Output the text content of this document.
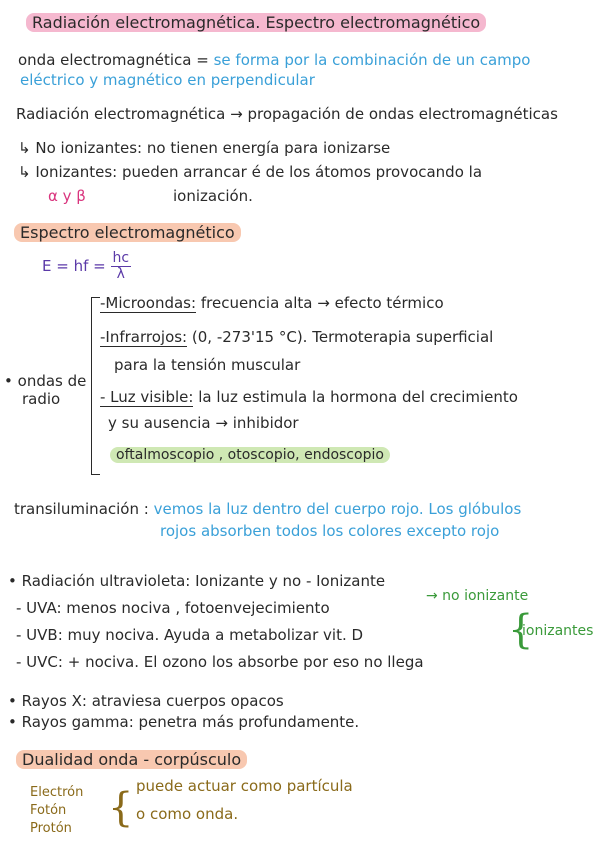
Radiación electromagnética. Espectro electromagnético
onda electromagnética = se forma por la combinación de un campo
eléctrico y magnético en perpendicular
Radiación electromagnética → propagación de ondas electromagnéticas
↳ No ionizantes: no tienen energía para ionizarse
↳ Ionizantes: pueden arrancar é de los átomos provocando la
α y β	ionización.
Espectro electromagnético
E = hf = $\frac{hc}{\lambda}$
• ondas de
radio
-Microondas: frecuencia alta → efecto térmico
-Infrarrojos: (0, -273'15 °C). Termoterapia superficial
para la tensión muscular
- Luz visible: la luz estimula la hormona del crecimiento
y su ausencia → inhibidor
oftalmoscopio , otoscopio, endoscopio
transiluminación : vemos la luz dentro del cuerpo rojo. Los glóbulos
rojos absorben todos los colores excepto rojo
• Radiación ultravioleta: Ionizante y no - Ionizante
- UVA: menos nociva , fotoenvejecimiento
→ no ionizante
- UVB: muy nociva. Ayuda a metabolizar vit. D	{
ionizantes
- UVC: + nociva. El ozono los absorbe por eso no llega
• Rayos X: atraviesa cuerpos opacos
• Rayos gamma: penetra más profundamente.
Dualidad onda - corpúsculo
Electrón
Fotón
Protón { puede actuar como partícula
o como onda.
